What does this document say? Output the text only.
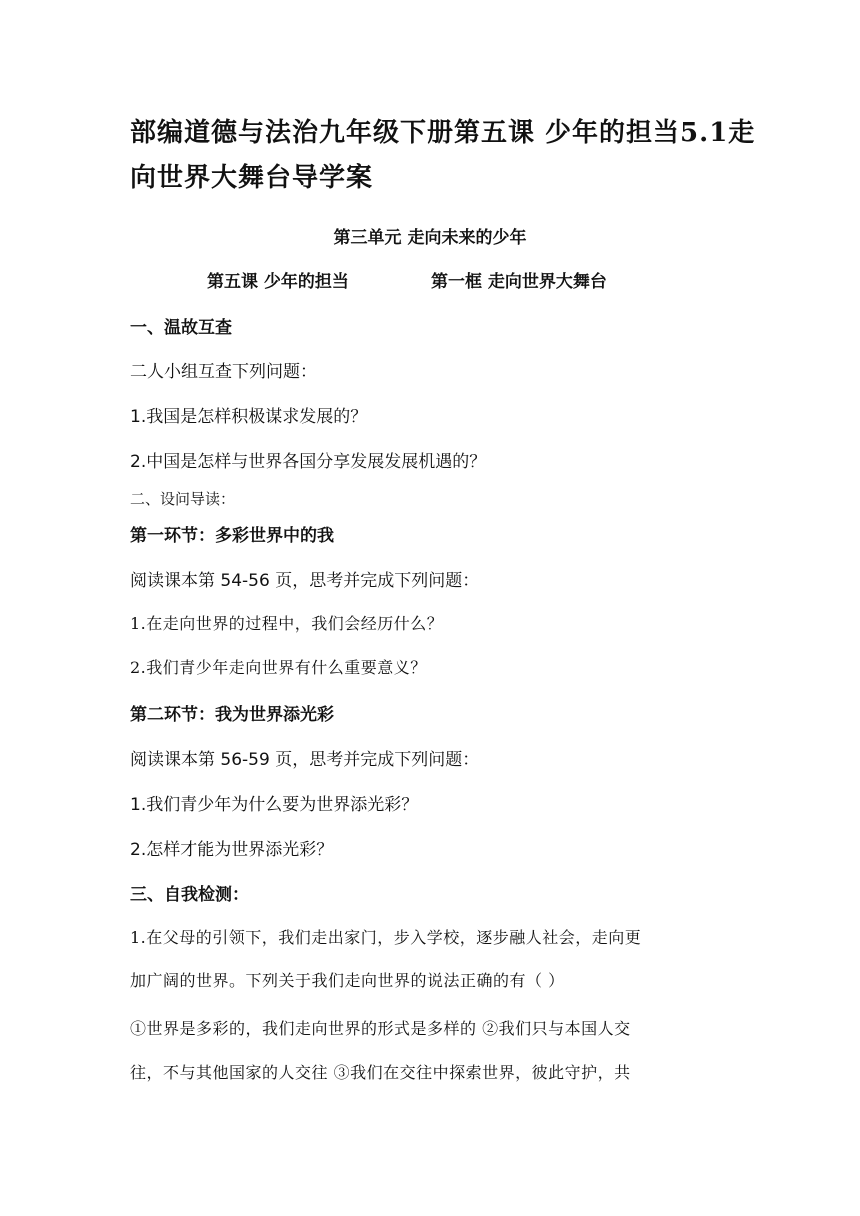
部编道德与法治九年级下册第五课 少年的担当5.1走
向世界大舞台导学案
第三单元 走向未来的少年
第五课 少年的担当	第一框 走向世界大舞台
一、温故互查
二人小组互查下列问题：
1.我国是怎样积极谋求发展的？
2.中国是怎样与世界各国分享发展发展机遇的？
二、设问导读：
第一环节：多彩世界中的我
阅读课本第 54-56 页，思考并完成下列问题：
1.在走向世界的过程中，我们会经历什么？
2.我们青少年走向世界有什么重要意义？
第二环节：我为世界添光彩
阅读课本第 56-59 页，思考并完成下列问题：
1.我们青少年为什么要为世界添光彩？
2.怎样才能为世界添光彩？
三、自我检测：
1.在父母的引领下，我们走出家门，步入学校，逐步融人社会，走向更
加广阔的世界。下列关于我们走向世界的说法正确的有（ ）
①世界是多彩的，我们走向世界的形式是多样的 ②我们只与本国人交
往，不与其他国家的人交往 ③我们在交往中探索世界，彼此守护，共
